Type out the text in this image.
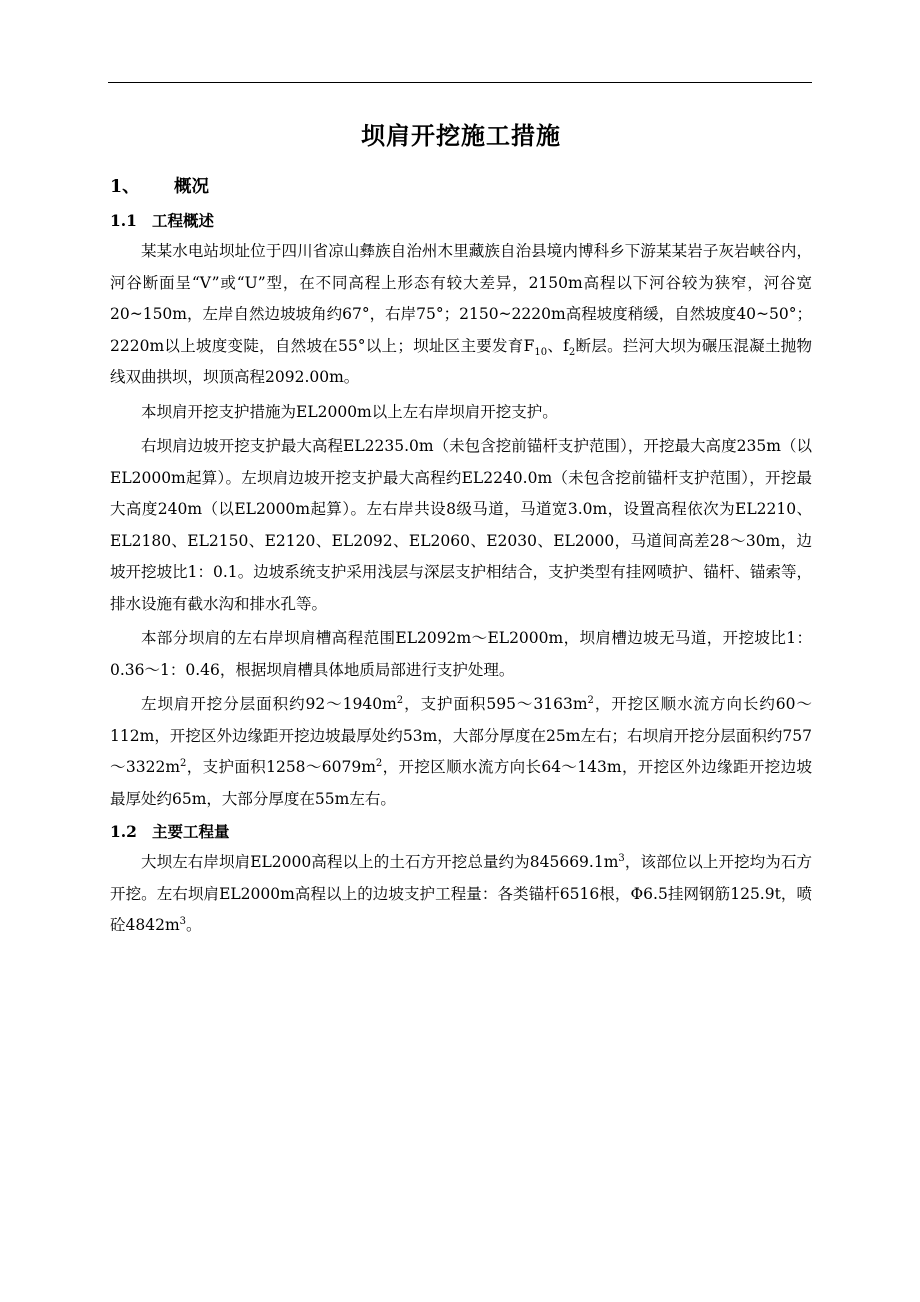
坝肩开挖施工措施
1、 概况
1.1 工程概述

某某水电站坝址位于四川省凉山彝族自治州木里藏族自治县境内博科乡下游某某岩子灰岩峡谷内，河谷断面呈“V”或“U”型，在不同高程上形态有较大差异，2150m高程以下河谷较为狭窄，河谷宽20~150m，左岸自然边坡坡角约67°，右岸75°；2150~2220m高程坡度稍缓，自然坡度40~50°；2220m以上坡度变陡，自然坡在55°以上；坝址区主要发育$F_{10}$、$f_2$断层。拦河大坝为碾压混凝土抛物线双曲拱坝，坝顶高程2092.00m。

本坝肩开挖支护措施为EL2000m以上左右岸坝肩开挖支护。

右坝肩边坡开挖支护最大高程EL2235.0m（未包含挖前锚杆支护范围），开挖最大高度235m（以EL2000m起算）。左坝肩边坡开挖支护最大高程约EL2240.0m（未包含挖前锚杆支护范围），开挖最大高度240m（以EL2000m起算）。左右岸共设8级马道，马道宽3.0m，设置高程依次为EL2210、EL2180、EL2150、E2120、EL2092、EL2060、E2030、EL2000，马道间高差28～30m，边坡开挖坡比1：0.1。边坡系统支护采用浅层与深层支护相结合，支护类型有挂网喷护、锚杆、锚索等，排水设施有截水沟和排水孔等。

本部分坝肩的左右岸坝肩槽高程范围EL2092m～EL2000m，坝肩槽边坡无马道，开挖坡比1：0.36～1：0.46，根据坝肩槽具体地质局部进行支护处理。

左坝肩开挖分层面积约$92\sim 1940m^2$，支护面积$595\sim 3163m^2$，开挖区顺水流方向长约60～112m，开挖区外边缘距开挖边坡最厚处约53m，大部分厚度在25m左右；右坝肩开挖分层面积约$757\sim 3322m^2$，支护面积$1258\sim 6079m^2$，开挖区顺水流方向长64～143m，开挖区外边缘距开挖边坡最厚处约65m，大部分厚度在55m左右。

1.2 主要工程量

大坝左右岸坝肩EL2000高程以上的土石方开挖总量约为$845669.1m^3$，该部位以上开挖均为石方开挖。左右坝肩EL2000m高程以上的边坡支护工程量：各类锚杆6516根，Φ6.5挂网钢筋125.9t，喷砼$4842m^3$。
